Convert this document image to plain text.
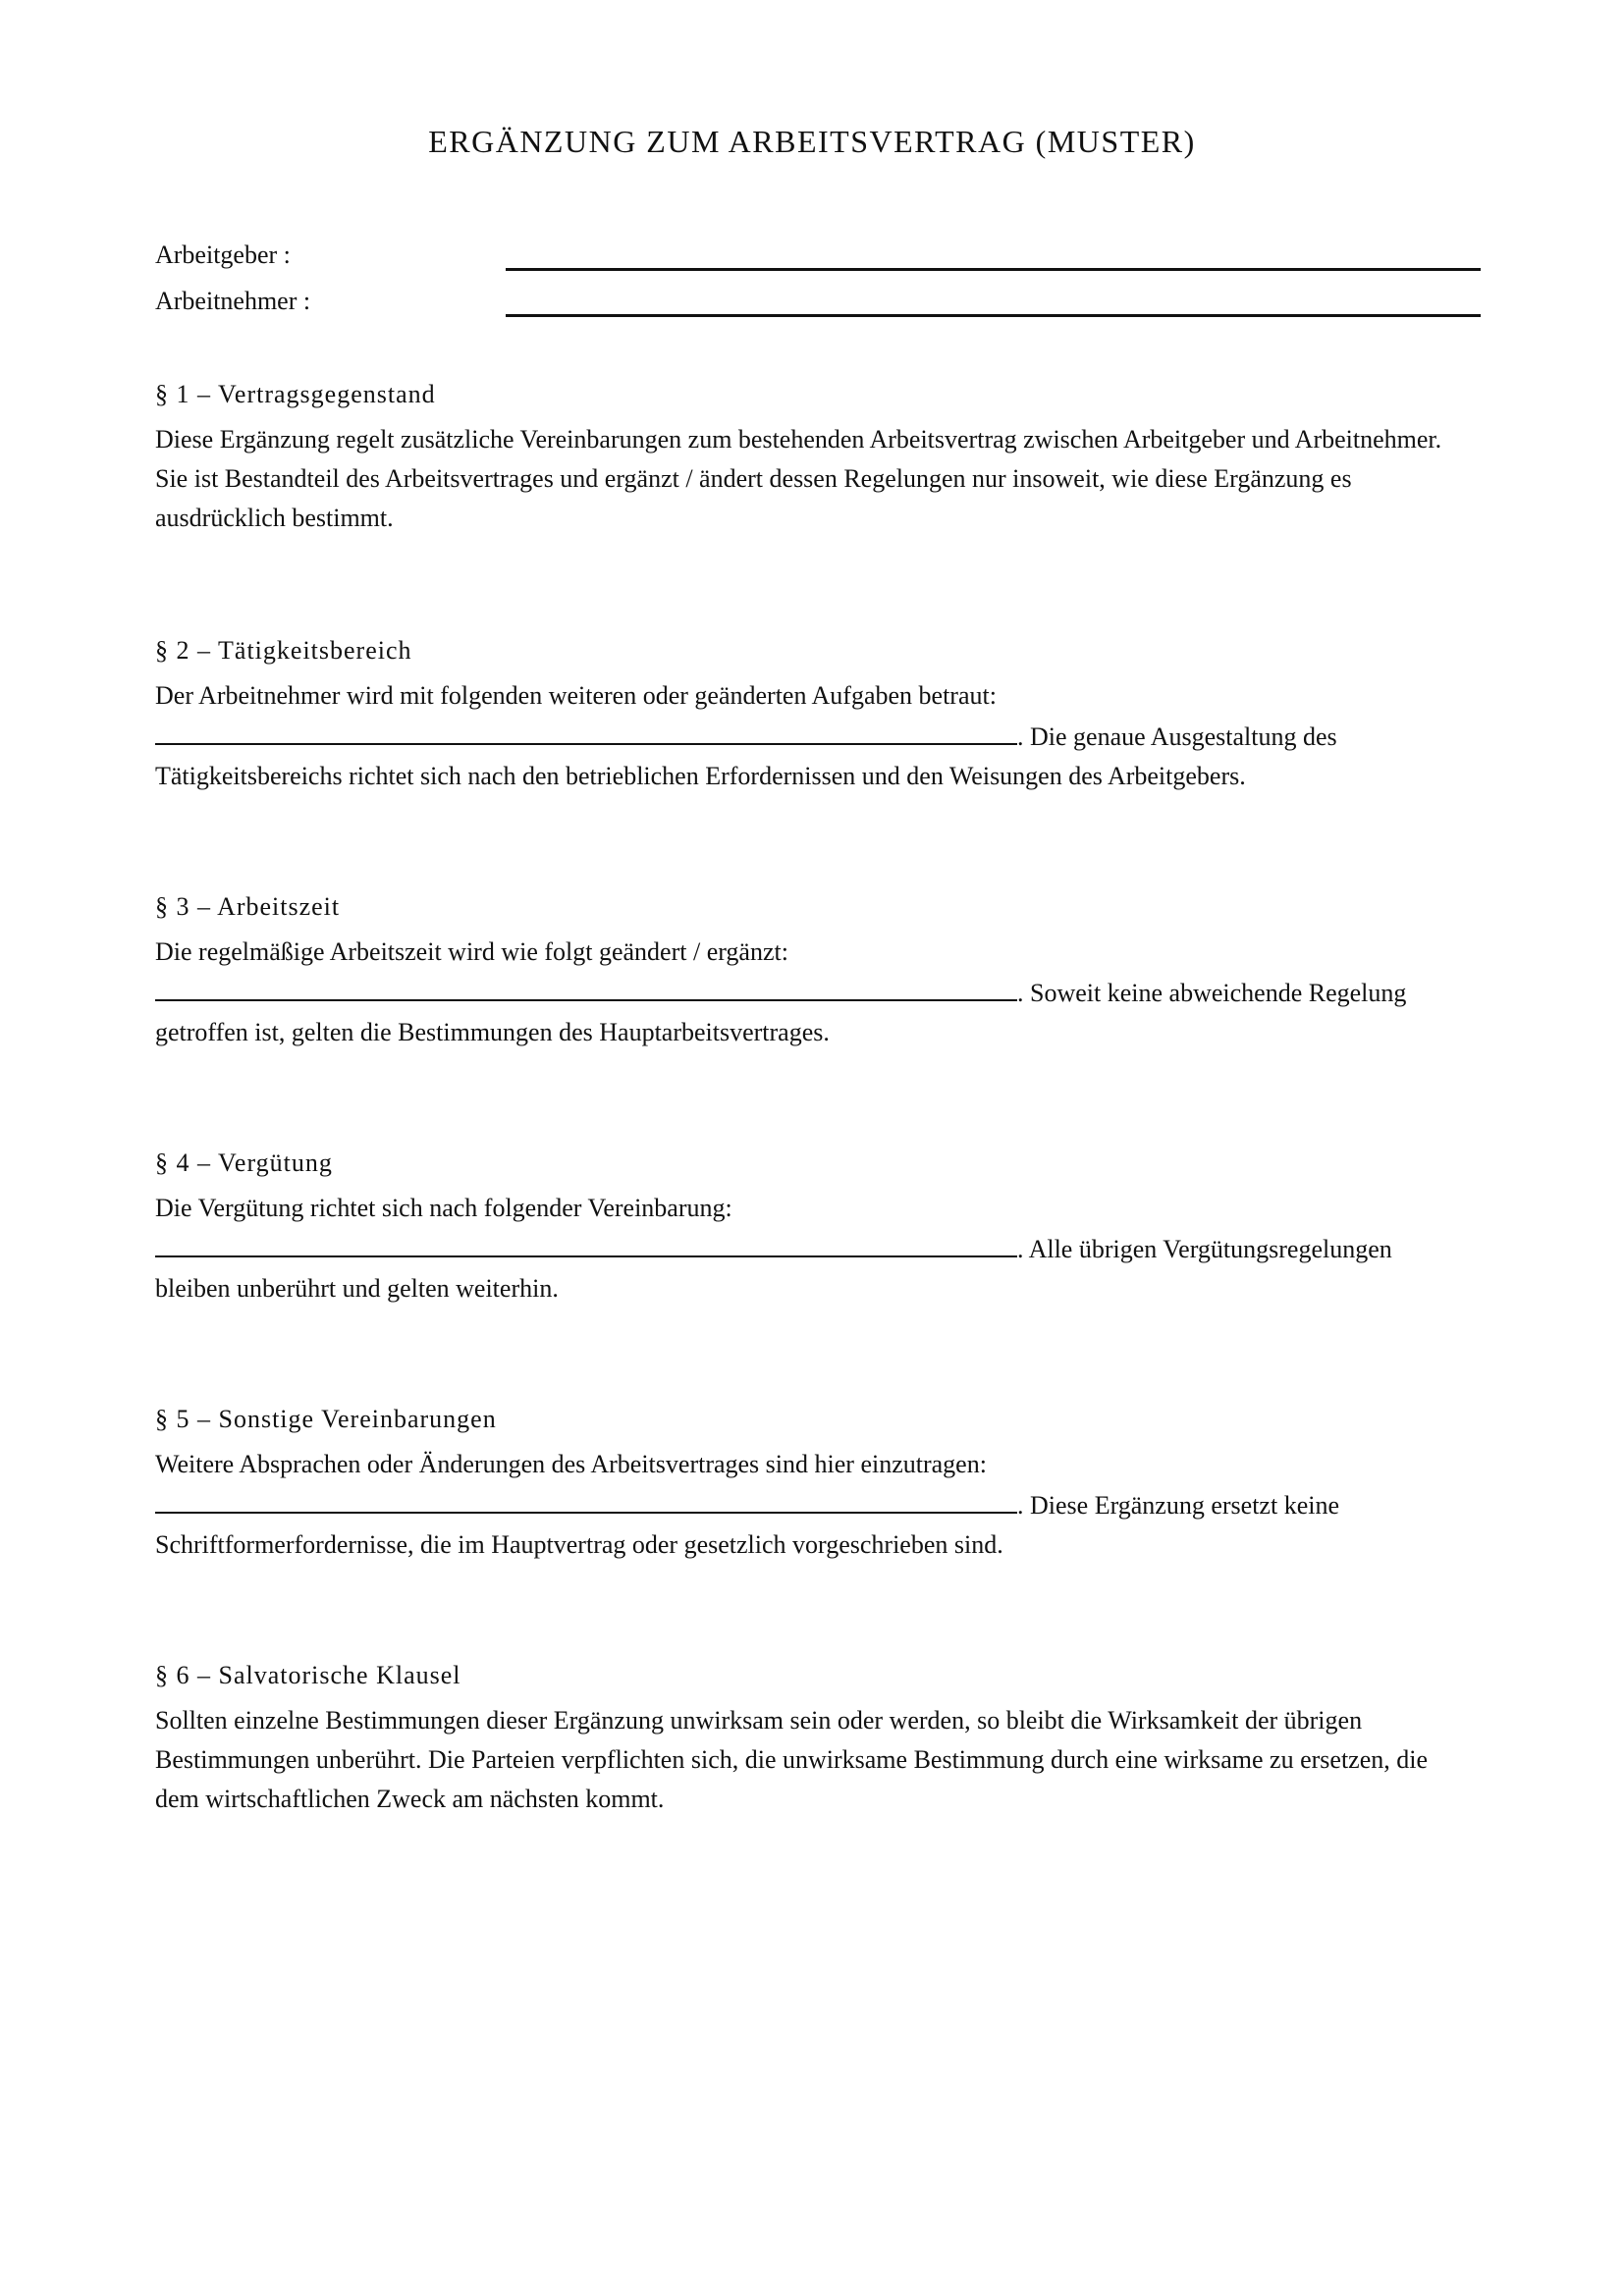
ERGÄNZUNG ZUM ARBEITSVERTRAG (MUSTER)
Arbeitgeber :
Arbeitnehmer :
§ 1 – Vertragsgegenstand

Diese Ergänzung regelt zusätzliche Vereinbarungen zum bestehenden Arbeitsvertrag zwischen Arbeitgeber und Arbeitnehmer. Sie ist Bestandteil des Arbeitsvertrages und ergänzt / ändert dessen Regelungen nur insoweit, wie diese Ergänzung es ausdrücklich bestimmt.

§ 2 – Tätigkeitsbereich

Der Arbeitnehmer wird mit folgenden weiteren oder geänderten Aufgaben betraut:
. Die genaue Ausgestaltung des Tätigkeitsbereichs richtet sich nach den betrieblichen Erfordernissen und den Weisungen des Arbeitgebers.

§ 3 – Arbeitszeit

Die regelmäßige Arbeitszeit wird wie folgt geändert / ergänzt:
. Soweit keine abweichende Regelung getroffen ist, gelten die Bestimmungen des Hauptarbeitsvertrages.

§ 4 – Vergütung

Die Vergütung richtet sich nach folgender Vereinbarung:
. Alle übrigen Vergütungsregelungen bleiben unberührt und gelten weiterhin.

§ 5 – Sonstige Vereinbarungen

Weitere Absprachen oder Änderungen des Arbeitsvertrages sind hier einzutragen:
. Diese Ergänzung ersetzt keine Schriftformerfordernisse, die im Hauptvertrag oder gesetzlich vorgeschrieben sind.

§ 6 – Salvatorische Klausel

Sollten einzelne Bestimmungen dieser Ergänzung unwirksam sein oder werden, so bleibt die Wirksamkeit der übrigen Bestimmungen unberührt. Die Parteien verpflichten sich, die unwirksame Bestimmung durch eine wirksame zu ersetzen, die dem wirtschaftlichen Zweck am nächsten kommt.
